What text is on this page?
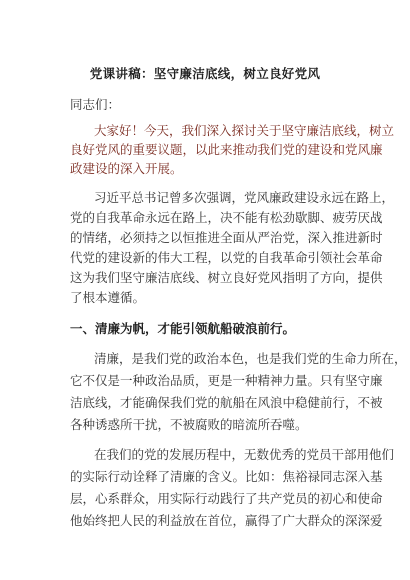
党课讲稿：坚守廉洁底线，树立良好党风
同志们：
大家好！今天，我们深入探讨关于坚守廉洁底线，树立
良好党风的重要议题，以此来推动我们党的建设和党风廉
政建设的深入开展。
习近平总书记曾多次强调，党风廉政建设永远在路上，
党的自我革命永远在路上，决不能有松劲歇脚、疲劳厌战
的情绪，必须持之以恒推进全面从严治党，深入推进新时
代党的建设新的伟大工程，以党的自我革命引领社会革命
这为我们坚守廉洁底线、树立良好党风指明了方向，提供
了根本遵循。
一、清廉为帆，才能引领航船破浪前行。
清廉，是我们党的政治本色，也是我们党的生命力所在，
它不仅是一种政治品质，更是一种精神力量。只有坚守廉
洁底线，才能确保我们党的航船在风浪中稳健前行，不被
各种诱惑所干扰，不被腐败的暗流所吞噬。
在我们的党的发展历程中，无数优秀的党员干部用他们
的实际行动诠释了清廉的含义。比如：焦裕禄同志深入基
层，心系群众，用实际行动践行了共产党员的初心和使命
他始终把人民的利益放在首位，赢得了广大群众的深深爱
